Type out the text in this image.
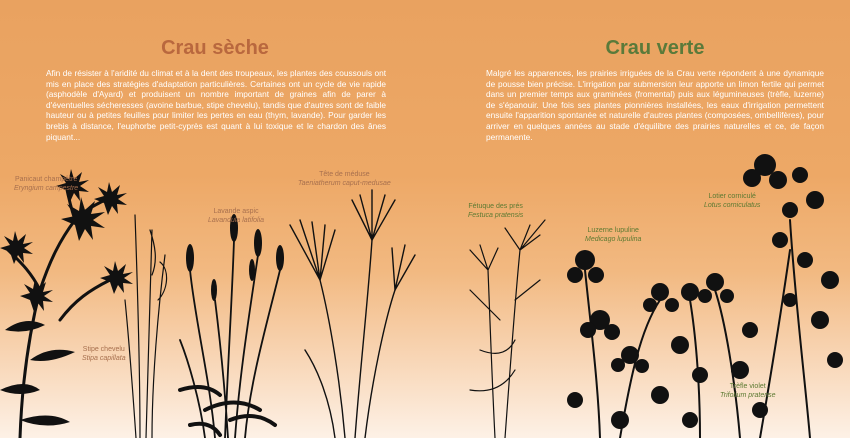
Crau sèche

Afin de résister à l'aridité du climat et à la dent des troupeaux, les plantes des coussouls ont mis en place des stratégies d'adaptation particulières. Certaines ont un cycle de vie rapide (asphodèle d'Ayard) et produisent un nombre important de graines afin de parer à d'éventuelles sécheresses (avoine barbue, stipe chevelu), tandis que d'autres sont de faible hauteur ou à petites feuilles pour limiter les pertes en eau (thym, lavande). Pour garder les brebis à distance, l'euphorbe petit-cyprès est quant à lui toxique et le chardon des ânes piquant...

Crau verte

Malgré les apparences, les prairies irriguées de la Crau verte répondent à une dynamique de pousse bien précise. L'irrigation par submersion leur apporte un limon fertile qui permet dans un premier temps aux graminées (fromental) puis aux légumineuses (trèfle, luzerne) de s'épanouir. Une fois ses plantes pionnières installées, les eaux d'irrigation permettent ensuite l'apparition spontanée et naturelle d'autres plantes (composées, ombellifères), pour arriver en quelques années au stade d'équilibre des prairies naturelles et ce, de façon permanente.

Panicaut champêtre
Eryngium campestre
Stipe chevelu
Stipa capillata
Lavande aspic
Lavandula latifolia
Tête de méduse
Taeniatherum caput-medusae
Fétuque des prés
Festuca pratensis
Luzerne lupuline
Medicago lupulina
Lotier corniculé
Lotus corniculatus
Trèfle violet
Trifolium pratense
